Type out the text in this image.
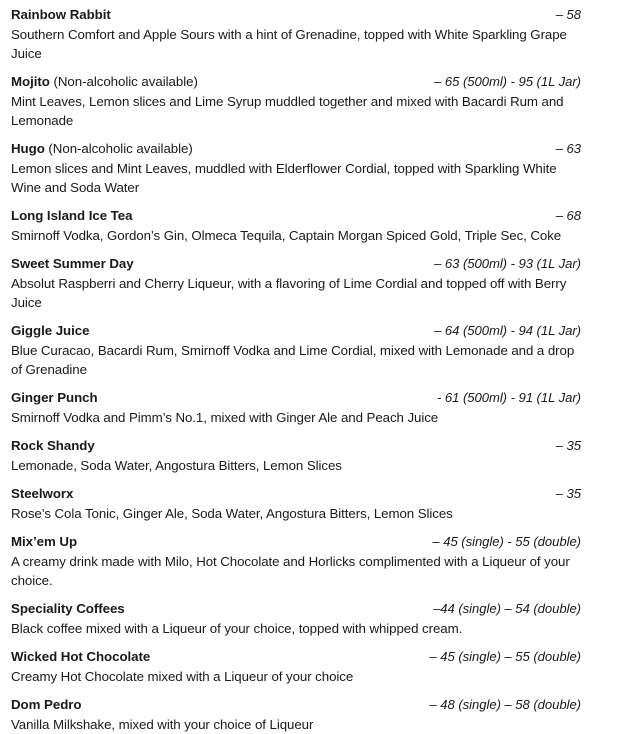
Rainbow Rabbit	– 58
Southern Comfort and Apple Sours with a hint of Grenadine, topped with White Sparkling Grape Juice
Mojito (Non-alcoholic available)	– 65 (500ml) - 95 (1L Jar)
Mint Leaves, Lemon slices and Lime Syrup muddled together and mixed with Bacardi Rum and Lemonade
Hugo (Non-alcoholic available)	– 63
Lemon slices and Mint Leaves, muddled with Elderflower Cordial, topped with Sparkling White Wine and Soda Water
Long Island Ice Tea	– 68
Smirnoff Vodka, Gordon’s Gin, Olmeca Tequila, Captain Morgan Spiced Gold, Triple Sec, Coke
Sweet Summer Day	– 63 (500ml) - 93 (1L Jar)
Absolut Raspberri and Cherry Liqueur, with a flavoring of Lime Cordial and topped off with Berry Juice
Giggle Juice	– 64 (500ml) - 94 (1L Jar)
Blue Curacao, Bacardi Rum, Smirnoff Vodka and Lime Cordial, mixed with Lemonade and a drop of Grenadine
Ginger Punch	- 61 (500ml) - 91 (1L Jar)
Smirnoff Vodka and Pimm’s No.1, mixed with Ginger Ale and Peach Juice
Rock Shandy	– 35
Lemonade, Soda Water, Angostura Bitters, Lemon Slices
Steelworx	– 35
Rose’s Cola Tonic, Ginger Ale, Soda Water, Angostura Bitters, Lemon Slices
Mix’em Up	– 45 (single) - 55 (double)
A creamy drink made with Milo, Hot Chocolate and Horlicks complimented with a Liqueur of your choice.
Speciality Coffees	–44 (single) – 54 (double)
Black coffee mixed with a Liqueur of your choice, topped with whipped cream.
Wicked Hot Chocolate	– 45 (single) – 55 (double)
Creamy Hot Chocolate mixed with a Liqueur of your choice
Dom Pedro	– 48 (single) – 58 (double)
Vanilla Milkshake, mixed with your choice of Liqueur
